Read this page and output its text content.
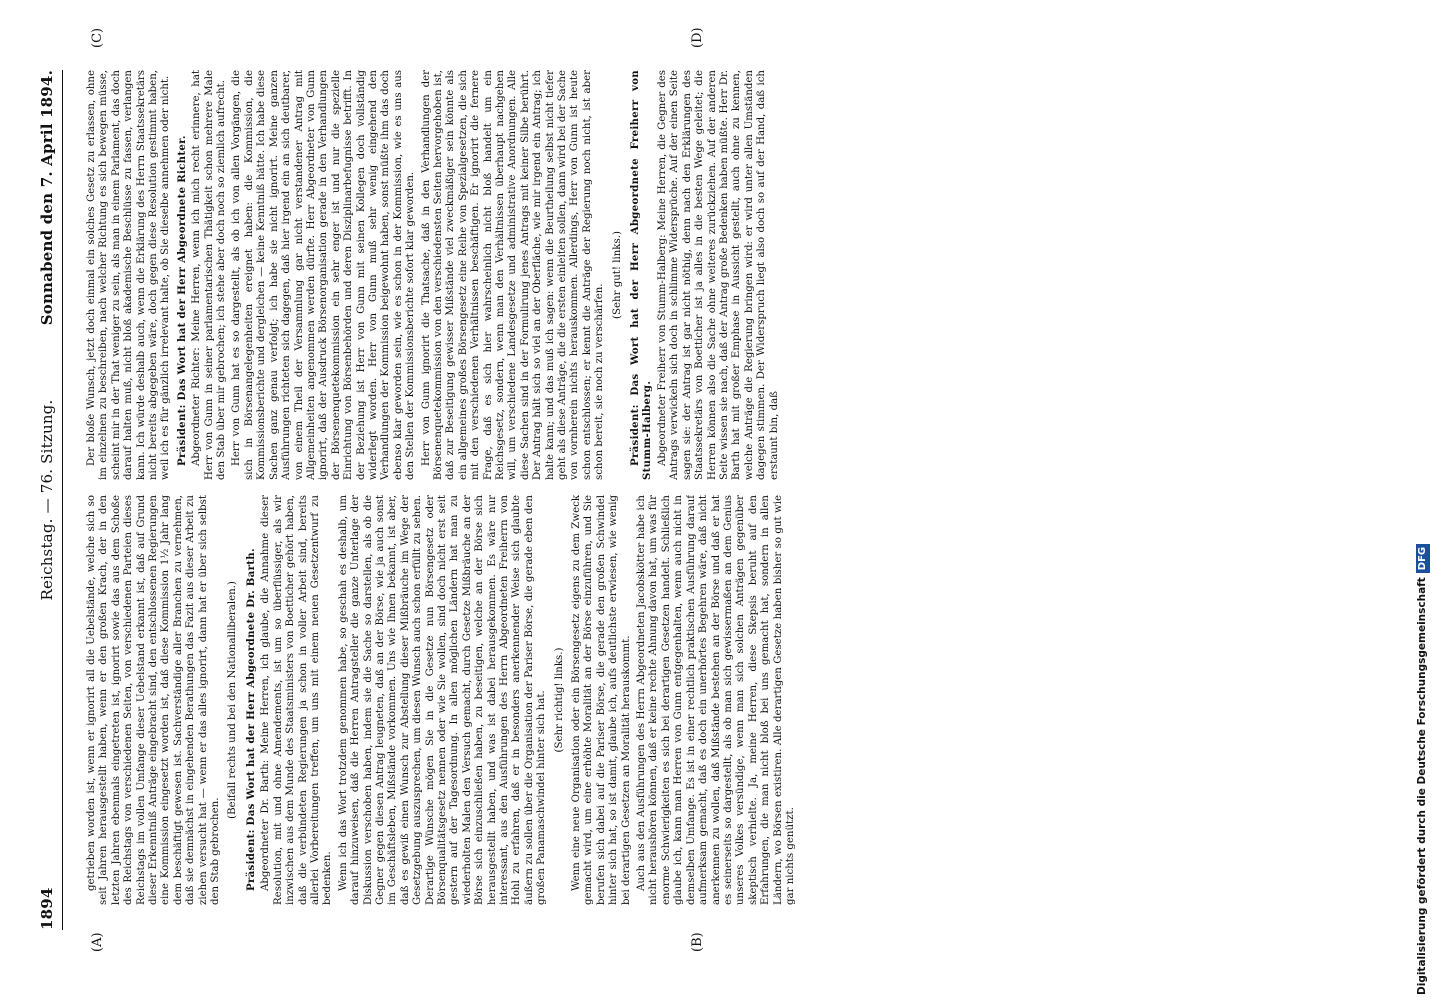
1894
Reichstag. — 76. Sitzung.
Sonnabend den 7. April 1894.
(A)	(B)
(C)	(D)

getrieben worden ist, wenn er ignorirt all die Uebelstände, welche sich so seit Jahren herausgestellt haben, wenn er den großen Krach, der in den letzten Jahren ebenmals eingetreten ist, ignorirt sowie das aus dem Schoße des Reichstags von verschiedenen Seiten, von verschiedenen Parteien dieses Reichstags im vollen Umfange dieser Uebelstand erkannt ist, daß auf Grund dieser Erkenntniß Anträge eingebracht sind, den entschlossenen Regierungen eine Kommission eingesetzt worden ist, daß diese Kommission 1½ Jahr lang dem beschäftigt gewesen ist. Sachverständige aller Branchen zu vernehmen, daß sie demnächst in eingehenden Berathungen das Fazit aus dieser Arbeit zu ziehen versucht hat — wenn er das alles ignorirt, dann hat er über sich selbst den Stab gebrochen.

(Beifall rechts und bei den Nationalliberalen.) Präsident: Das Wort hat der Herr Abgeordnete Dr. Barth. Abgeordneter Dr. Barth: Meine Herren, ich glaube, die Annahme dieser Resolution, mit und ohne Amendements, ist um so überflüssiger, als wir inzwischen aus dem Munde des Staatsministers von Boetticher gehört haben, daß die verbündeten Regierungen ja schon in voller Arbeit sind, bereits allerlei Vorbereitungen treffen, um uns mit einem neuen Gesetzentwurf zu bedenken. Wenn ich das Wort trotzdem genommen habe, so geschah es deshalb, um darauf hinzuweisen, daß die Herren Antragsteller die ganze Unterlage der Diskussion verschoben haben, indem sie die Sache so darstellen, als ob die Gegner gegen diesen Antrag leugneten, daß an der Börse, wie ja auch sonst im Geschäftsleben, Mißstände vorkommen. Uns wie Ihnen bekannt, ist aber, daß es gewiß einen Wunsch zur Abstellung dieser Mißbräuche im Wege der Gesetzgebung auszusprechen, um diesen Wunsch auch schon erfüllt zu sehen. Derartige Wünsche mögen Sie in die Gesetze nun Börsengesetz oder Börsenqualitätsgesetz nennen oder wie Sie wollen, sind doch nicht erst seit gestern auf der Tagesordnung. In allen möglichen Ländern hat man zu wiederholten Malen den Versuch gemacht, durch Gesetze Mißbräuche an der Börse sich einzuschließen haben, zu beseitigen, welche an der Börse sich herausgestellt haben, und was ist dabei herausgekommen. Es wäre nur interessant, aus den Ausführungen des Herrn Abgeordneten Freiherrn von Hohl zu erfahren, daß er in besonders anerkennender Weise sich glaubte äußern zu sollen über die Organisation der Pariser Börse, die gerade eben den großen Panamaschwindel hinter sich hat. (Sehr richtig! links.) Wenn eine neue Organisation oder ein Börsengesetz eigens zu dem Zweck gemacht wird, um eine erhöhte Moralität an der Börse einzuführen, und Sie berufen sich dabei auf die Pariser Börse, die gerade den großen Schwindel hinter sich hat, so ist damit, glaube ich, aufs deutlichste erwiesen, wie wenig bei derartigen Gesetzen an Moralität herauskommt. Auch aus den Ausführungen des Herrn Abgeordneten Jacobskötter habe ich nicht heraushören können, daß er keine rechte Ahnung davon hat, um was für enorme Schwierigkeiten es sich bei derartigen Gesetzen handelt. Schließlich glaube ich, kann man Herren von Gunn entgegenhalten, wenn auch nicht in demselben Umfange. Es ist in einer rechtlich praktischen Ausführung darauf aufmerksam gemacht, daß es doch ein unerhörtes Begehren wäre, daß nicht anerkennen zu wollen, daß Mißstände bestehen an der Börse und daß er hat es seinerseits so dargestellt, als ob man sich gewissermaßen an dem Genius unseres Volkes versündige, wenn man sich solchen Anträgen gegenüber skeptisch verhielte. Ja, meine Herren, diese Skepsis beruht auf den Erfahrungen, die man nicht bloß bei uns gemacht hat, sondern in allen Ländern, wo Börsen existiren. Alle derartigen Gesetze haben bisher so gut wie gar nichts genützt.

Der bloße Wunsch, jetzt doch einmal ein solches Gesetz zu erlassen, ohne im einzelnen zu beschreiben, nach welcher Richtung es sich bewegen müsse, scheint mir in der That weniger zu sein, als man in einem Parlament, das doch darauf halten muß, nicht bloß akademische Beschlüsse zu fassen, verlangen kann. Ich würde deshalb auch, wenn die Erklärung des Herrn Staatssekretärs nicht bereits abgegeben wäre, doch gegen diese Resolution gestimmt haben, weil ich es für gänzlich irrelevant halte, ob Sie dieselbe annehmen oder nicht. Präsident: Das Wort hat der Herr Abgeordnete Richter. Abgeordneter Richter: Meine Herren, wenn ich mich recht erinnere, hat Herr von Gunn in seiner parlamentarischen Thätigkeit schon mehrere Male den Stab über mir gebrochen; ich stehe aber doch noch so ziemlich aufrecht. Herr von Gunn hat es so dargestellt, als ob ich von allen Vorgängen, die sich in Börsenangelegenheiten ereignet haben: die Kommission, die Kommissionsberichte und dergleichen — keine Kenntniß hätte. Ich habe diese Sachen ganz genau verfolgt; ich habe sie nicht ignorirt. Meine ganzen Ausführungen richteten sich dagegen, daß hier irgend ein an sich deutbarer, von einem Theil der Versammlung gar nicht verstandener Antrag mit Allgemeinheiten angenommen werden dürfte. Herr Abgeordneter von Gunn ignorirt, daß der Ausdruck Börsenorganisation gerade in den Verhandlungen der Börsenenquetekommission ein sehr enger ist und nur die spezielle Einrichtung von Börsenbehörden und deren Disziplinarbefugnisse betrifft. In der Beziehung ist Herr von Gunn mit seinen Kollegen doch vollständig widerlegt worden. Herr von Gunn muß sehr wenig eingehend den Verhandlungen der Kommission beigewohnt haben, sonst müßte ihm das doch ebenso klar geworden sein, wie es schon in der Kommission, wie es uns aus den Stellen der Kommissionsberichte sofort klar geworden. Herr von Gunn ignorirt die Thatsache, daß in den Verhandlungen der Börsenenquetekommission von den verschiedensten Seiten hervorgehoben ist, daß zur Beseitigung gewisser Mißstände viel zweckmäßiger sein könnte als ein allgemeines großes Börsengesetz eine Reihe von Spezialgesetzen, die sich mit den verschiedenen Verhältnissen beschäftigen. Er ignorirt die fernere Frage, daß es sich hier wahrscheinlich nicht bloß handelt um ein Reichsgesetz, sondern, wenn man den Verhältnissen überhaupt nachgehen will, um verschiedene Landesgesetze und administrative Anordnungen. Alle diese Sachen sind in der Formulirung jenes Antrags mit keiner Silbe berührt. Der Antrag hält sich so viel an der Oberfläche, wie mir irgend ein Antrag; ich halte kann; und das muß ich sagen: wenn die Beurtheilung selbst nicht tiefer geht als diese Anträge, die die ersten einleiten sollen, dann wird bei der Sache von vornherein nichts herauskommen. Allerdings, Herr von Gunn ist heute schon entschlossen; er kennt die Anträge der Regierung noch nicht, ist aber schon bereit, sie noch zu verschärfen.

(Sehr gut! links.) Präsident: Das Wort hat der Herr Abgeordnete Freiherr von Stumm-Halberg. Abgeordneter Freiherr von Stumm-Halberg: Meine Herren, die Gegner des Antrags verwickeln sich doch in schlimme Widersprüche. Auf der einen Seite sagen sie: der Antrag ist gar nicht nöthig, denn nach den Erklärungen des Staatssekretärs von Boetticher ist ja alles in die besten Wege geleitet; die Herren können also die Sache ohne weiteres zurückziehen. Auf der anderen Seite wissen sie nach, daß der Antrag große Bedenken haben müßte. Herr Dr. Barth hat mit großer Emphase in Aussicht gestellt, auch ohne zu kennen, welche Anträge die Regierung bringen wird: er wird unter allen Umständen dagegen stimmen. Der Widerspruch liegt also doch so auf der Hand, daß ich erstaunt bin, daß

Digitalisierung gefördert durch die Deutsche ForschungsgemeinschaftDFG
